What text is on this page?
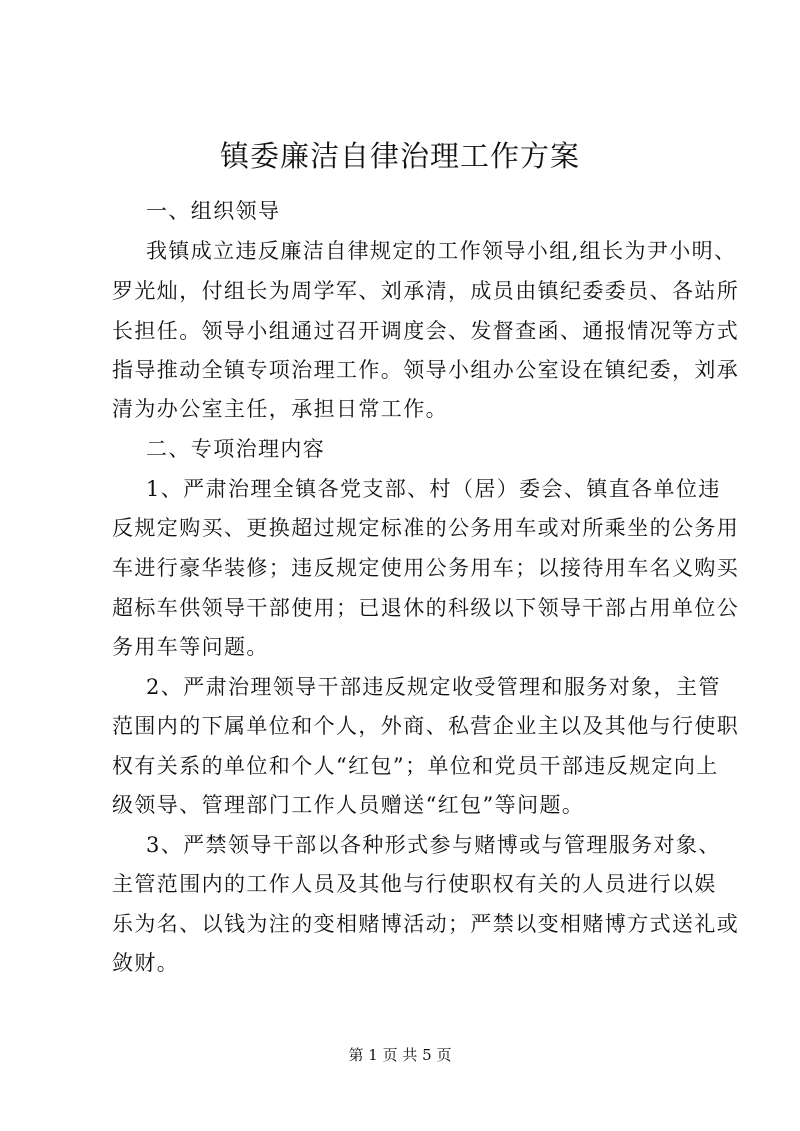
镇委廉洁自律治理工作方案
一、组织领导
我镇成立违反廉洁自律规定的工作领导小组,组长为尹小明、
罗光灿，付组长为周学军、刘承清，成员由镇纪委委员、各站所
长担任。领导小组通过召开调度会、发督查函、通报情况等方式
指导推动全镇专项治理工作。领导小组办公室设在镇纪委，刘承
清为办公室主任，承担日常工作。
二、专项治理内容
1、严肃治理全镇各党支部、村（居）委会、镇直各单位违
反规定购买、更换超过规定标准的公务用车或对所乘坐的公务用
车进行豪华装修；违反规定使用公务用车；以接待用车名义购买
超标车供领导干部使用；已退休的科级以下领导干部占用单位公
务用车等问题。
2、严肃治理领导干部违反规定收受管理和服务对象，主管
范围内的下属单位和个人，外商、私营企业主以及其他与行使职
权有关系的单位和个人“红包”；单位和党员干部违反规定向上
级领导、管理部门工作人员赠送“红包”等问题。
3、严禁领导干部以各种形式参与赌博或与管理服务对象、
主管范围内的工作人员及其他与行使职权有关的人员进行以娱
乐为名、以钱为注的变相赌博活动；严禁以变相赌博方式送礼或
敛财。
第 1 页 共 5 页
